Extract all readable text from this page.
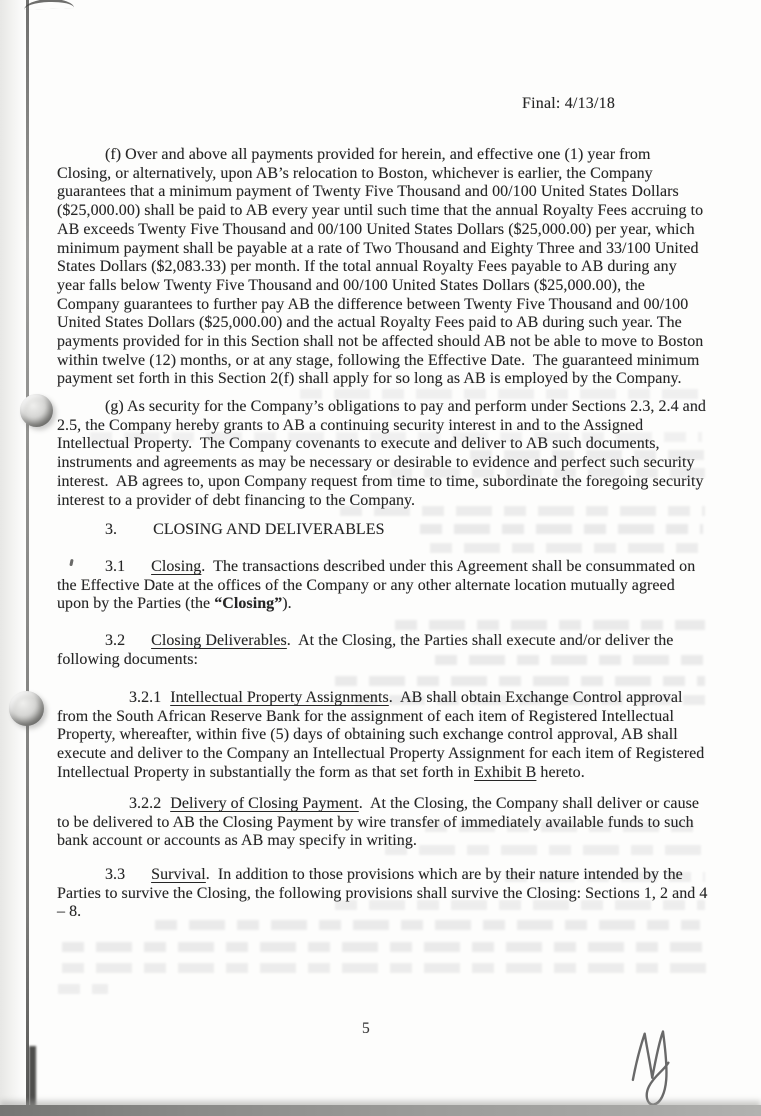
Final: 4/13/18
(f) Over and above all payments provided for herein, and effective one (1) year from Closing, or alternatively, upon AB’s relocation to Boston, whichever is earlier, the Company guarantees that a minimum payment of Twenty Five Thousand and 00/100 United States Dollars ($25,000.00) shall be paid to AB every year until such time that the annual Royalty Fees accruing to AB exceeds Twenty Five Thousand and 00/100 United States Dollars ($25,000.00) per year, which minimum payment shall be payable at a rate of Two Thousand and Eighty Three and 33/100 United States Dollars ($2,083.33) per month. If the total annual Royalty Fees payable to AB during any year falls below Twenty Five Thousand and 00/100 United States Dollars ($25,000.00), the Company guarantees to further pay AB the difference between Twenty Five Thousand and 00/100 United States Dollars ($25,000.00) and the actual Royalty Fees paid to AB during such year. The payments provided for in this Section shall not be affected should AB not be able to move to Boston within twelve (12) months, or at any stage, following the Effective Date.  The guaranteed minimum payment set forth in this Section 2(f) shall apply for so long as AB is employed by the Company.
(g) As security for the Company’s obligations to pay and perform under Sections 2.3, 2.4 and 2.5, the Company hereby grants to AB a continuing security interest in and to the Assigned Intellectual Property.  The Company covenants to execute and deliver to AB such documents, instruments and agreements as may be necessary or desirable to evidence and perfect such security interest.  AB agrees to, upon Company request from time to time, subordinate the foregoing security interest to a provider of debt financing to the Company.
3. CLOSING AND DELIVERABLES
3.1 Closing.  The transactions described under this Agreement shall be consummated on the Effective Date at the offices of the Company or any other alternate location mutually agreed upon by the Parties (the “Closing”).
3.2 Closing Deliverables.  At the Closing, the Parties shall execute and/or deliver the following documents:
3.2.1 Intellectual Property Assignments.  AB shall obtain Exchange Control approval from the South African Reserve Bank for the assignment of each item of Registered Intellectual Property, whereafter, within five (5) days of obtaining such exchange control approval, AB shall execute and deliver to the Company an Intellectual Property Assignment for each item of Registered Intellectual Property in substantially the form as that set forth in Exhibit B hereto.
3.2.2 Delivery of Closing Payment.  At the Closing, the Company shall deliver or cause to be delivered to AB the Closing Payment by wire transfer of immediately available funds to such bank account or accounts as AB may specify in writing.
3.3 Survival.  In addition to those provisions which are by their nature intended by the Parties to survive the Closing, the following provisions shall survive the Closing: Sections 1, 2 and 4 – 8.
5
